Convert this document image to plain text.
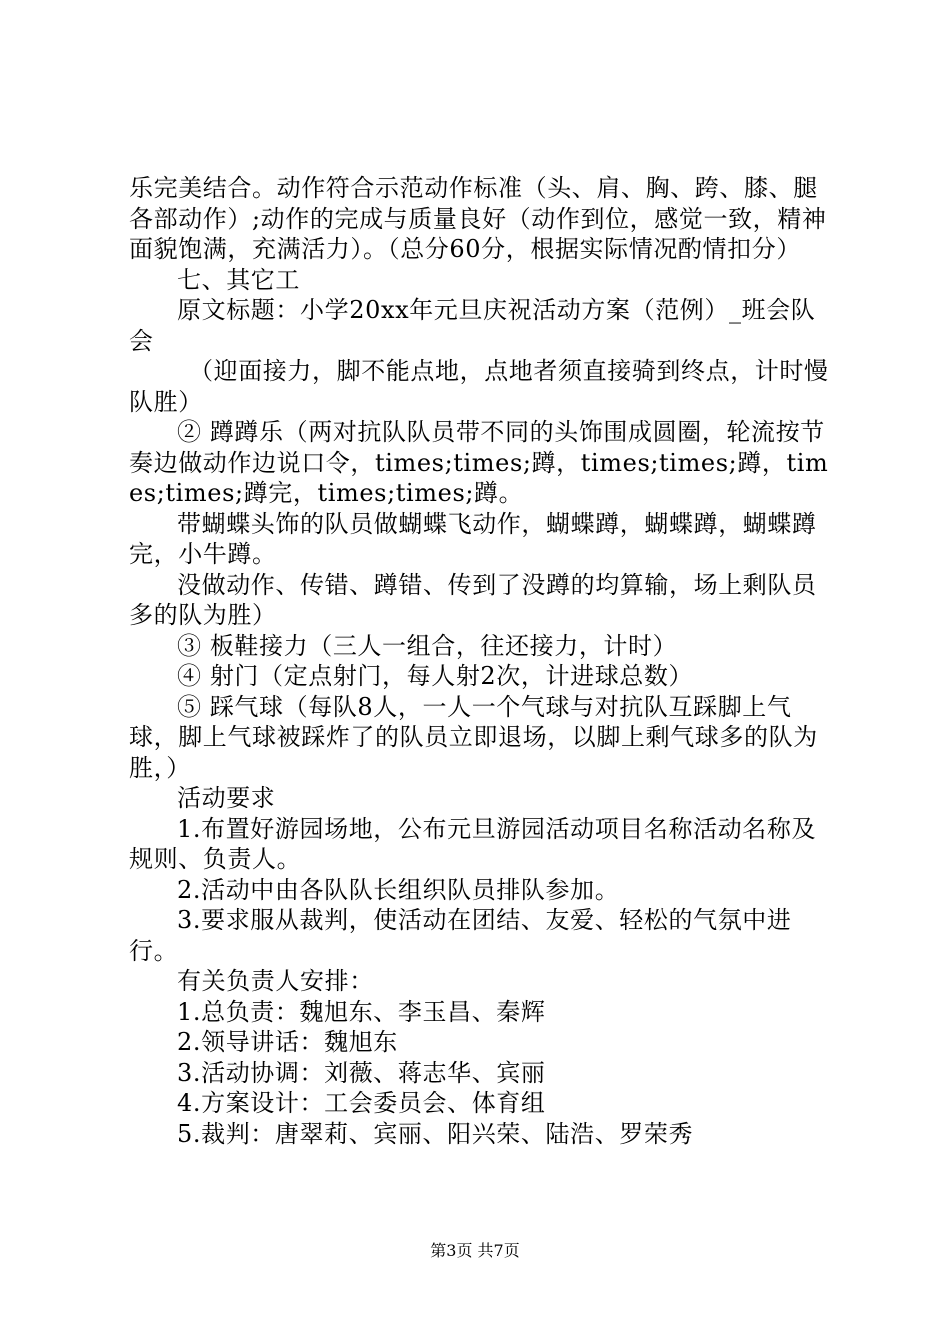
乐完美结合。动作符合示范动作标准（头、肩、胸、跨、膝、腿各部动作）;动作的完成与质量良好（动作到位，感觉一致，精神面貌饱满，充满活力）。（总分60分，根据实际情况酌情扣分）

七、其它工

原文标题：小学20xx年元旦庆祝活动方案（范例）_班会队会

（迎面接力，脚不能点地，点地者须直接骑到终点，计时慢队胜）

② 蹲蹲乐（两对抗队队员带不同的头饰围成圆圈，轮流按节奏边做动作边说口令，times;times;蹲，times;times;蹲，times;times;蹲完，times;times;蹲。

带蝴蝶头饰的队员做蝴蝶飞动作，蝴蝶蹲，蝴蝶蹲，蝴蝶蹲完，小牛蹲。

没做动作、传错、蹲错、传到了没蹲的均算输，场上剩队员多的队为胜）

③ 板鞋接力（三人一组合，往还接力，计时）

④ 射门（定点射门，每人射2次，计进球总数）

⑤ 踩气球（每队8人，一人一个气球与对抗队互踩脚上气球，脚上气球被踩炸了的队员立即退场，以脚上剩气球多的队为胜，）

活动要求

1.布置好游园场地，公布元旦游园活动项目名称活动名称及规则、负责人。

2.活动中由各队队长组织队员排队参加。

3.要求服从裁判，使活动在团结、友爱、轻松的气氛中进行。

有关负责人安排：

1.总负责：魏旭东、李玉昌、秦辉

2.领导讲话：魏旭东

3.活动协调：刘薇、蒋志华、宾丽

4.方案设计：工会委员会、体育组

5.裁判：唐翠莉、宾丽、阳兴荣、陆浩、罗荣秀

第3页 共7页
